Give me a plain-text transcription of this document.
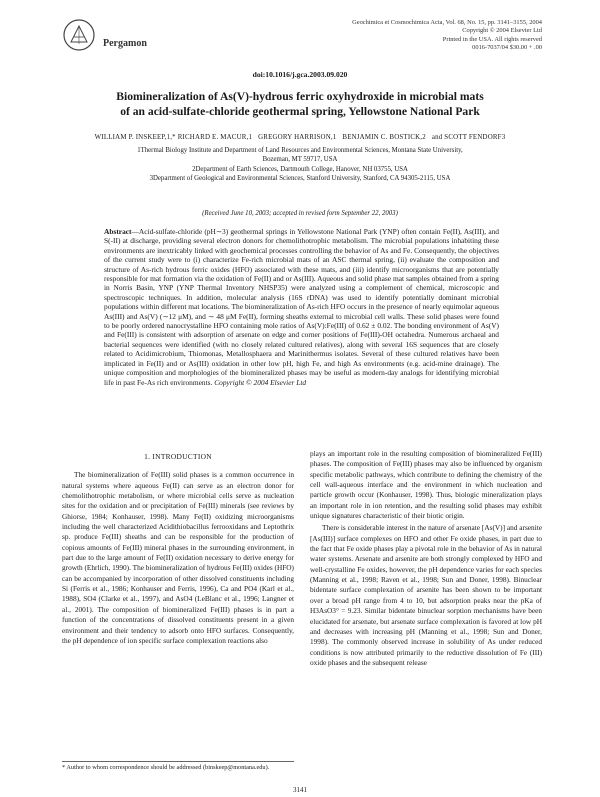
Pergamon
Geochimica et Cosmochimica Acta, Vol. 68, No. 15, pp. 3141–3155, 2004
Copyright © 2004 Elsevier Ltd
Printed in the USA. All rights reserved
0016-7037/04 $30.00 + .00
doi:10.1016/j.gca.2003.09.020
Biomineralization of As(V)-hydrous ferric oxyhydroxide in microbial mats
of an acid-sulfate-chloride geothermal spring, Yellowstone National Park
WILLIAM P. INSKEEP,1,* RICHARD E. MACUR,1 GREGORY HARRISON,1 BENJAMIN C. BOSTICK,2 and SCOTT FENDORF3
1Thermal Biology Institute and Department of Land Resources and Environmental Sciences, Montana State University,
Bozeman, MT 59717, USA
2Department of Earth Sciences, Dartmouth College, Hanover, NH 03755, USA
3Department of Geological and Environmental Sciences, Stanford University, Stanford, CA 94305-2115, USA
(Received June 10, 2003; accepted in revised form September 22, 2003)
Abstract—Acid-sulfate-chloride (pH∼3) geothermal springs in Yellowstone National Park (YNP) often contain Fe(II), As(III), and S(-II) at discharge, providing several electron donors for chemolithotrophic metabolism. The microbial populations inhabiting these environments are inextricably linked with geochemical processes controlling the behavior of As and Fe. Consequently, the objectives of the current study were to (i) characterize Fe-rich microbial mats of an ASC thermal spring, (ii) evaluate the composition and structure of As-rich hydrous ferric oxides (HFO) associated with these mats, and (iii) identify microorganisms that are potentially responsible for mat formation via the oxidation of Fe(II) and or As(III). Aqueous and solid phase mat samples obtained from a spring in Norris Basin, YNP (YNP Thermal Inventory NHSP35) were analyzed using a complement of chemical, microscopic and spectroscopic techniques. In addition, molecular analysis (16S rDNA) was used to identify potentially dominant microbial populations within different mat locations. The biomineralization of As-rich HFO occurs in the presence of nearly equimolar aqueous As(III) and As(V) (∼12 μM), and ∼ 48 μM Fe(II), forming sheaths external to microbial cell walls. These solid phases were found to be poorly ordered nanocrystalline HFO containing mole ratios of As(V):Fe(III) of 0.62 ± 0.02. The bonding environment of As(V) and Fe(III) is consistent with adsorption of arsenate on edge and corner positions of Fe(III)-OH octahedra. Numerous archaeal and bacterial sequences were identified (with no closely related cultured relatives), along with several 16S sequences that are closely related to Acidimicrobium, Thiomonas, Metallosphaera and Marinithermus isolates. Several of these cultured relatives have been implicated in Fe(II) and or As(III) oxidation in other low pH, high Fe, and high As environments (e.g. acid-mine drainage). The unique composition and morphologies of the biomineralized phases may be useful as modern-day analogs for identifying microbial life in past Fe-As rich environments. Copyright © 2004 Elsevier Ltd
1. INTRODUCTION

The biomineralization of Fe(III) solid phases is a common occurrence in natural systems where aqueous Fe(II) can serve as an electron donor for chemolithotrophic metabolism, or where microbial cells serve as nucleation sites for the oxidation and or precipitation of Fe(III) minerals (see reviews by Ghiorse, 1984; Konhauser, 1998). Many Fe(II) oxidizing microorganisms including the well characterized Acidithiobacillus ferrooxidans and Leptothrix sp. produce Fe(III) sheaths and can be responsible for the production of copious amounts of Fe(III) mineral phases in the surrounding environment, in part due to the large amount of Fe(II) oxidation necessary to derive energy for growth (Ehrlich, 1990). The biomineralization of hydrous Fe(III) oxides (HFO) can be accompanied by incorporation of other dissolved constituents including Si (Ferris et al., 1986; Konhauser and Ferris, 1996), Ca and PO4 (Karl et al., 1988), SO4 (Clarke et al., 1997), and AsO4 (LeBlanc et al., 1996; Langner et al., 2001). The composition of biomineralized Fe(III) phases is in part a function of the concentrations of dissolved constituents present in a given environment and their tendency to adsorb onto HFO surfaces. Consequently, the pH dependence of ion specific surface complexation reactions also

plays an important role in the resulting composition of biomineralized Fe(III) phases. The composition of Fe(III) phases may also be influenced by organism specific metabolic pathways, which contribute to defining the chemistry of the cell wall-aqueous interface and the environment in which nucleation and particle growth occur (Konhauser, 1998). Thus, biologic mineralization plays an important role in ion retention, and the resulting solid phases may exhibit unique signatures characteristic of their biotic origin.

There is considerable interest in the nature of arsenate [As(V)] and arsenite [As(III)] surface complexes on HFO and other Fe oxide phases, in part due to the fact that Fe oxide phases play a pivotal role in the behavior of As in natural water systems. Arsenate and arsenite are both strongly complexed by HFO and well-crystalline Fe oxides, however, the pH dependence varies for each species (Manning et al., 1998; Raven et al., 1998; Sun and Doner, 1998). Binuclear bidentate surface complexation of arsenite has been shown to be important over a broad pH range from 4 to 10, but adsorption peaks near the pKa of H3AsO3° = 9.23. Similar bidentate binuclear sorption mechanisms have been elucidated for arsenate, but arsenate surface complexation is favored at low pH and decreases with increasing pH (Manning et al., 1998; Sun and Doner, 1998). The commonly observed increase in solubility of As under reduced conditions is now attributed primarily to the reductive dissolution of Fe (III) oxide phases and the subsequent release

* Author to whom correspondence should be addressed (binskeep@montana.edu).
3141
